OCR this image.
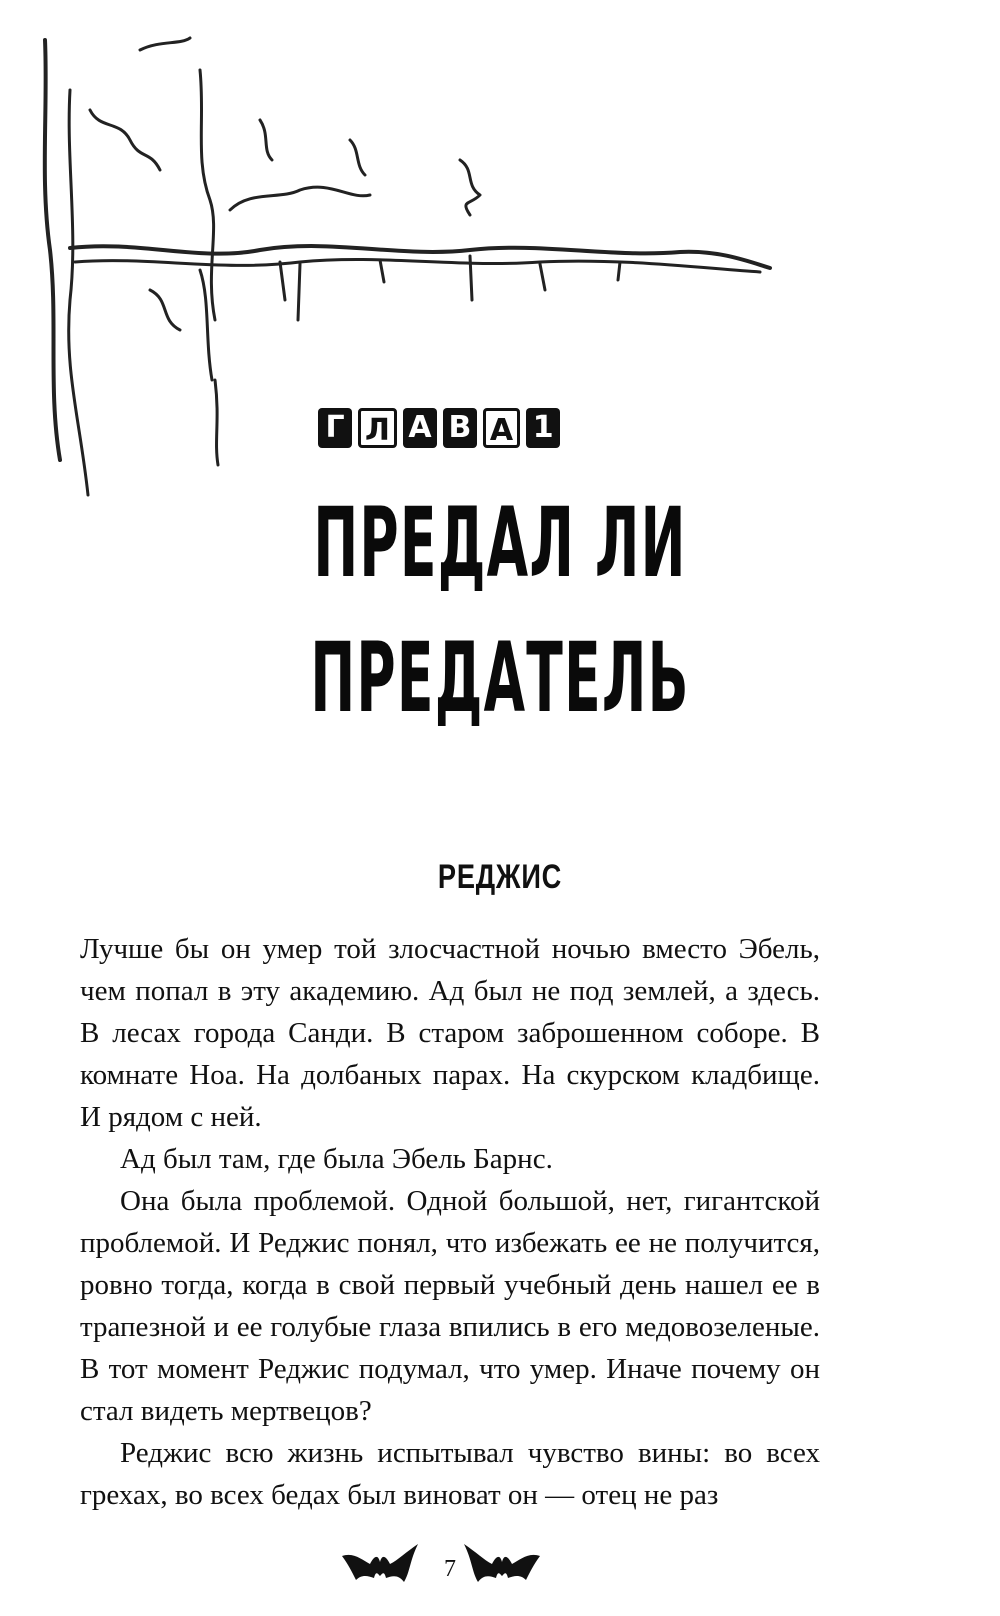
Г Л А В А 1
ПРЕДАЛ ЛИ
ПРЕДАТЕЛЬ
РЕДЖИС

Лучше бы он умер той злосчастной ночью вместо Эбель, чем попал в эту академию. Ад был не под землей, а здесь. В лесах города Санди. В старом заброшенном соборе. В комнате Ноа. На долбаных парах. На скурском кладбище. И рядом с ней.

Ад был там, где была Эбель Барнс.

Она была проблемой. Одной большой, нет, гигантской проблемой. И Реджис понял, что избежать ее не получится, ровно тогда, когда в свой первый учебный день нашел ее в трапезной и ее голубые глаза впились в его медовозеленые. В тот момент Реджис подумал, что умер. Иначе почему он стал видеть мертвецов?

Реджис всю жизнь испытывал чувство вины: во всех грехах, во всех бедах был виноват он — отец не раз

7
